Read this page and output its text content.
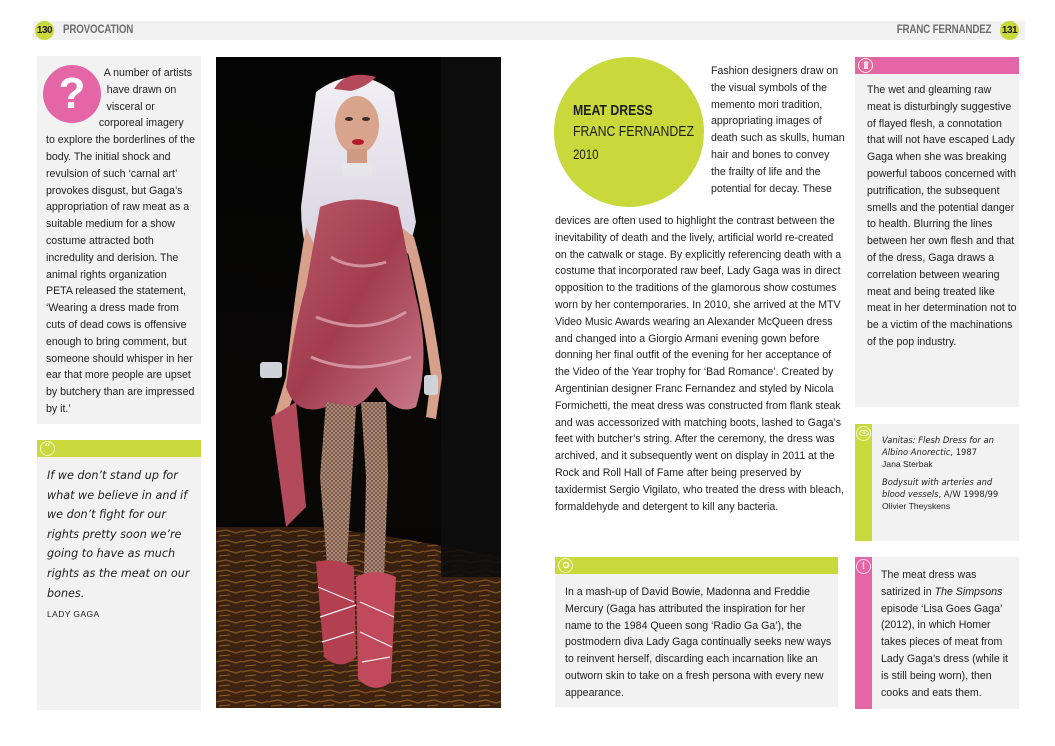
130 PROVOCATION	FRANC FERNANDEZ 131
?	A number of artists have drawn on visceral or corporeal imagery to explore the borderlines of the body. The initial shock and revulsion of such ‘carnal art’ provokes disgust, but Gaga’s appropriation of raw meat as a suitable medium for a show costume attracted both incredulity and derision. The animal rights organization PETA released the statement, ‘Wearing a dress made from cuts of dead cows is offensive enough to bring comment, but someone should whisper in her ear that more people are upset by butchery than are impressed by it.’
“
If we don’t stand up for what we believe in and if we don’t fight for our rights pretty soon we’re going to have as much rights as the meat on our bones.
LADY GAGA
MEAT DRESS
FRANC FERNANDEZ
2010
Fashion designers draw on the visual symbols of the memento mori tradition, appropriating images of death such as skulls, human hair and bones to convey the frailty of life and the potential for decay. These
devices are often used to highlight the contrast between the inevitability of death and the lively, artificial world re-created on the catwalk or stage. By explicitly referencing death with a costume that incorporated raw beef, Lady Gaga was in direct opposition to the traditions of the glamorous show costumes worn by her contemporaries. In 2010, she arrived at the MTV Video Music Awards wearing an Alexander McQueen dress and changed into a Giorgio Armani evening gown before donning her final outfit of the evening for her acceptance of the Video of the Year trophy for ‘Bad Romance’. Created by Argentinian designer Franc Fernandez and styled by Nicola Formichetti, the meat dress was constructed from flank steak and was accessorized with matching boots, lashed to Gaga’s feet with butcher’s string. After the ceremony, the dress was archived, and it subsequently went on display in 2011 at the Rock and Roll Hall of Fame after being preserved by taxidermist Sergio Vigilato, who treated the dress with bleach, formaldehyde and detergent to kill any bacteria.
In a mash-up of David Bowie, Madonna and Freddie Mercury (Gaga has attributed the inspiration for her name to the 1984 Queen song ‘Radio Ga Ga’), the postmodern diva Lady Gaga continually seeks new ways to reinvent herself, discarding each incarnation like an outworn skin to take on a fresh persona with every new appearance.
The wet and gleaming raw meat is disturbingly suggestive of flayed flesh, a connotation that will not have escaped Lady Gaga when she was breaking powerful taboos concerned with putrification, the subsequent smells and the potential danger to health. Blurring the lines between her own flesh and that of the dress, Gaga draws a correlation between wearing meat and being treated like meat in her determination not to be a victim of the machinations of the pop industry.
Vanitas: Flesh Dress for an Albino Anorectic, 1987
Jana Sterbak
Bodysuit with arteries and blood vessels, A/W 1998/99
Olivier Theyskens
!
The meat dress was satirized in The Simpsons episode ‘Lisa Goes Gaga’ (2012), in which Homer takes pieces of meat from Lady Gaga’s dress (while it is still being worn), then cooks and eats them.
